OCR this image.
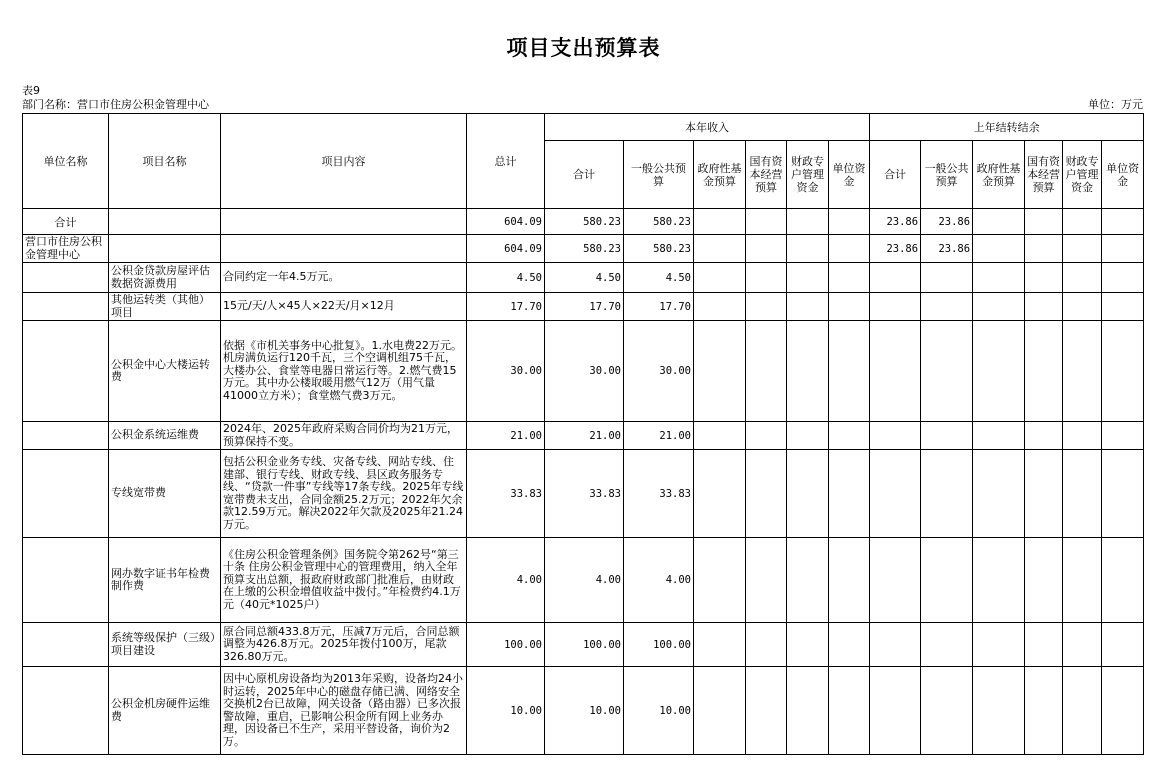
项目支出预算表
表9
部门名称：营口市住房公积金管理中心	单位：万元
单位名称	项目名称	项目内容	总计	本年收入						上年结转结余					
				合计	一般公共预算	政府性基金预算	国有资本经营预算	财政专户管理资金	单位资金	合计	一般公共预算	政府性基金预算	国有资本经营预算	财政专户管理资金	单位资金
合计			604.09	580.23	580.23					23.86	23.86				
营口市住房公积金管理中心			604.09	580.23	580.23					23.86	23.86				
	公积金贷款房屋评估数据资源费用	合同约定一年4.5万元。	4.50	4.50	4.50										
	其他运转类（其他）项目	15元/天/人×45人×22天/月×12月	17.70	17.70	17.70										
	公积金中心大楼运转费	依据《市机关事务中心批复》。1.水电费22万元。机房满负运行120千瓦，三个空调机组75千瓦，大楼办公、食堂等电器日常运行等。2.燃气费15万元。其中办公楼取暖用燃气12万（用气量41000立方米）；食堂燃气费3万元。	30.00	30.00	30.00										
	公积金系统运维费	2024年、2025年政府采购合同价均为21万元，预算保持不变。	21.00	21.00	21.00										
	专线宽带费	包括公积金业务专线、灾备专线、网站专线、住建部、银行专线、财政专线、县区政务服务专线、“贷款一件事”专线等17条专线。2025年专线宽带费未支出，合同金额25.2万元；2022年欠余款12.59万元。解决2022年欠款及2025年21.24万元。	33.83	33.83	33.83										
	网办数字证书年检费制作费	《住房公积金管理条例》国务院令第262号“第三十条 住房公积金管理中心的管理费用，纳入全年预算支出总额，报政府财政部门批准后，由财政在上缴的公积金增值收益中拨付。”年检费约4.1万元（40元*1025户）	4.00	4.00	4.00										
	系统等级保护（三级）项目建设	原合同总额433.8万元，压减7万元后，合同总额调整为426.8万元。2025年拨付100万，尾款326.80万元。	100.00	100.00	100.00										
	公积金机房硬件运维费	因中心原机房设备均为2013年采购，设备均24小时运转，2025年中心的磁盘存储已满、网络安全交换机2台已故障，网关设备（路由器）已多次报警故障，重启，已影响公积金所有网上业务办理，因设备已不生产，采用平替设备，询价为2万。	10.00	10.00	10.00										
